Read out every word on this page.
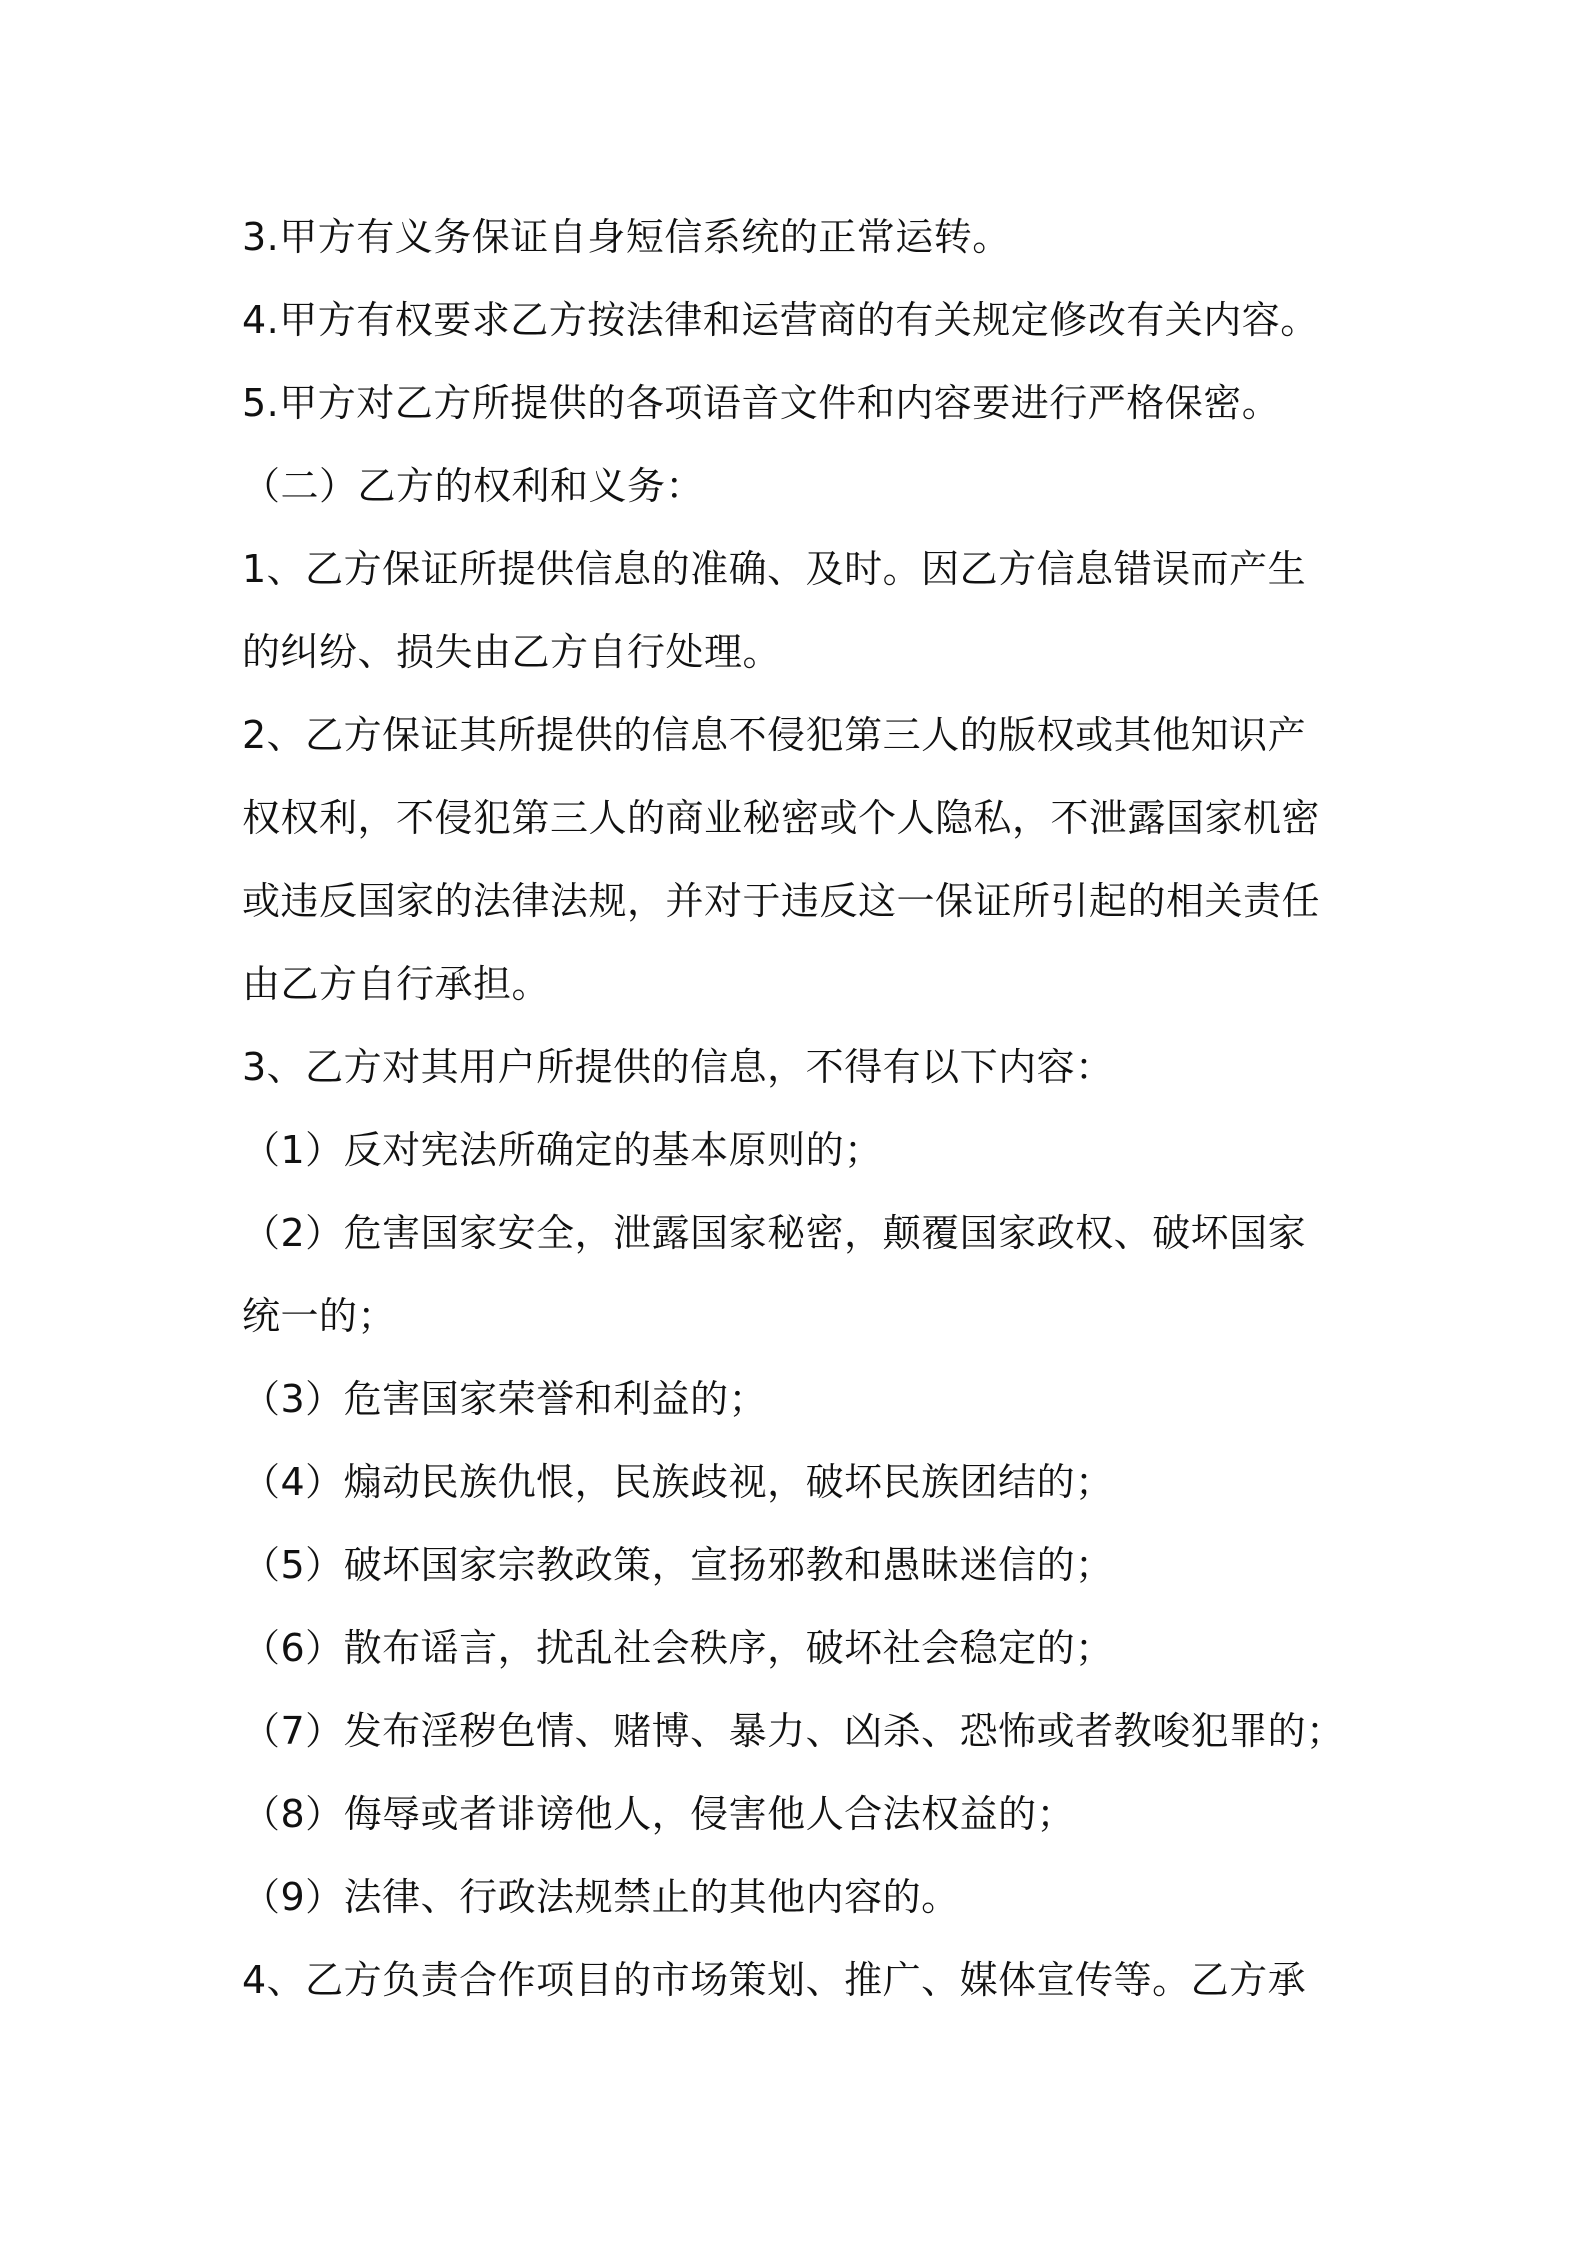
3.甲方有义务保证自身短信系统的正常运转。
4.甲方有权要求乙方按法律和运营商的有关规定修改有关内容。
5.甲方对乙方所提供的各项语音文件和内容要进行严格保密。
（二）乙方的权利和义务：
1、乙方保证所提供信息的准确、及时。因乙方信息错误而产生
的纠纷、损失由乙方自行处理。
2、乙方保证其所提供的信息不侵犯第三人的版权或其他知识产
权权利，不侵犯第三人的商业秘密或个人隐私，不泄露国家机密
或违反国家的法律法规，并对于违反这一保证所引起的相关责任
由乙方自行承担。
3、乙方对其用户所提供的信息，不得有以下内容：
（1）反对宪法所确定的基本原则的；
（2）危害国家安全，泄露国家秘密，颠覆国家政权、破坏国家
统一的；
（3）危害国家荣誉和利益的；
（4）煽动民族仇恨，民族歧视，破坏民族团结的；
（5）破坏国家宗教政策，宣扬邪教和愚昧迷信的；
（6）散布谣言，扰乱社会秩序，破坏社会稳定的；
（7）发布淫秽色情、赌博、暴力、凶杀、恐怖或者教唆犯罪的；
（8）侮辱或者诽谤他人，侵害他人合法权益的；
（9）法律、行政法规禁止的其他内容的。
4、乙方负责合作项目的市场策划、推广、媒体宣传等。乙方承
